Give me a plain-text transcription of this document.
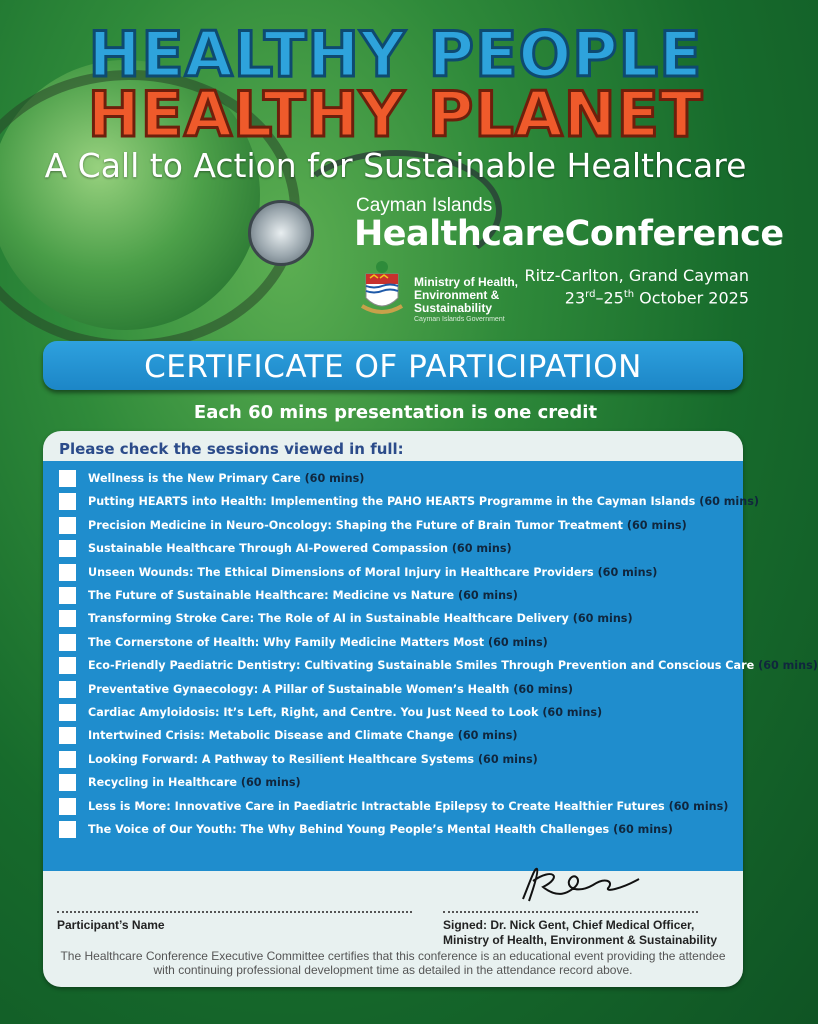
HEALTHY PEOPLE
HEALTHY PLANET
A Call to Action for Sustainable Healthcare
Cayman Islands
HealthcareConference
Ministry of Health,
Environment &
Sustainability
Cayman Islands Government
Ritz-Carlton, Grand Cayman
23rd–25th October 2025
CERTIFICATE OF PARTICIPATION
Each 60 mins presentation is one credit
Please check the sessions viewed in full:
Wellness is the New Primary Care (60 mins)
Putting HEARTS into Health: Implementing the PAHO HEARTS Programme in the Cayman Islands (60 mins)
Precision Medicine in Neuro-Oncology: Shaping the Future of Brain Tumor Treatment (60 mins)
Sustainable Healthcare Through AI-Powered Compassion (60 mins)
Unseen Wounds: The Ethical Dimensions of Moral Injury in Healthcare Providers (60 mins)
The Future of Sustainable Healthcare: Medicine vs Nature (60 mins)
Transforming Stroke Care: The Role of AI in Sustainable Healthcare Delivery (60 mins)
The Cornerstone of Health: Why Family Medicine Matters Most (60 mins)
Eco-Friendly Paediatric Dentistry: Cultivating Sustainable Smiles Through Prevention and Conscious Care (60 mins)
Preventative Gynaecology: A Pillar of Sustainable Women’s Health (60 mins)
Cardiac Amyloidosis: It’s Left, Right, and Centre. You Just Need to Look (60 mins)
Intertwined Crisis: Metabolic Disease and Climate Change (60 mins)
Looking Forward: A Pathway to Resilient Healthcare Systems (60 mins)
Recycling in Healthcare (60 mins)
Less is More: Innovative Care in Paediatric Intractable Epilepsy to Create Healthier Futures (60 mins)
The Voice of Our Youth: The Why Behind Young People’s Mental Health Challenges (60 mins)
Participant’s Name	Signed: Dr. Nick Gent, Chief Medical Officer,
Ministry of Health, Environment & Sustainability
The Healthcare Conference Executive Committee certifies that this conference is an educational event providing the attendee with continuing professional development time as detailed in the attendance record above.
